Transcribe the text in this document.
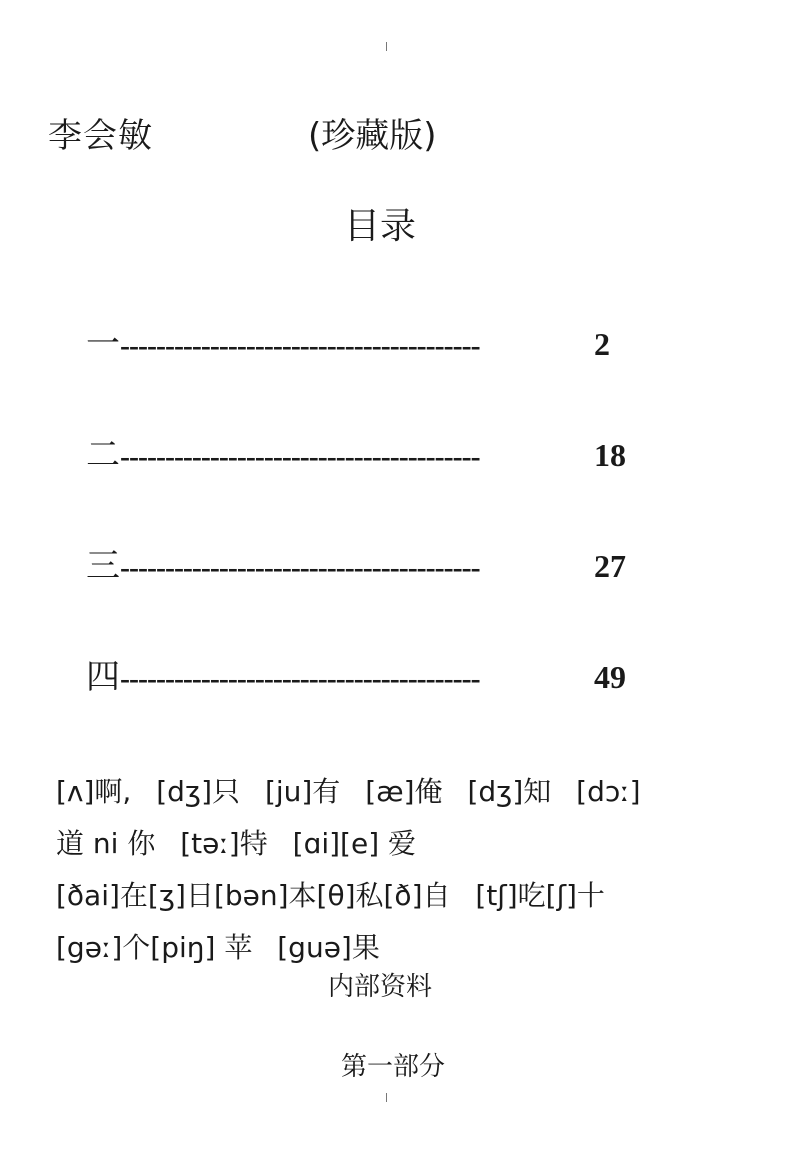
李会敏	(珍藏版)
目录
一 ----------------------------------------	2
二 ----------------------------------------	18
三 ----------------------------------------	27
四 ----------------------------------------	49
[ʌ]啊, [dʒ]只 [ju]有 [æ]俺 [dʒ]知 [dɔː]
道 ni 你 [təː]特 [ɑi][e] 爱
[ðai]在[ʒ]日[bən]本[θ]私[ð]自 [tʃ]吃[ʃ]十
[gəː]个[piŋ] 苹 [guə]果
内部资料
第一部分
